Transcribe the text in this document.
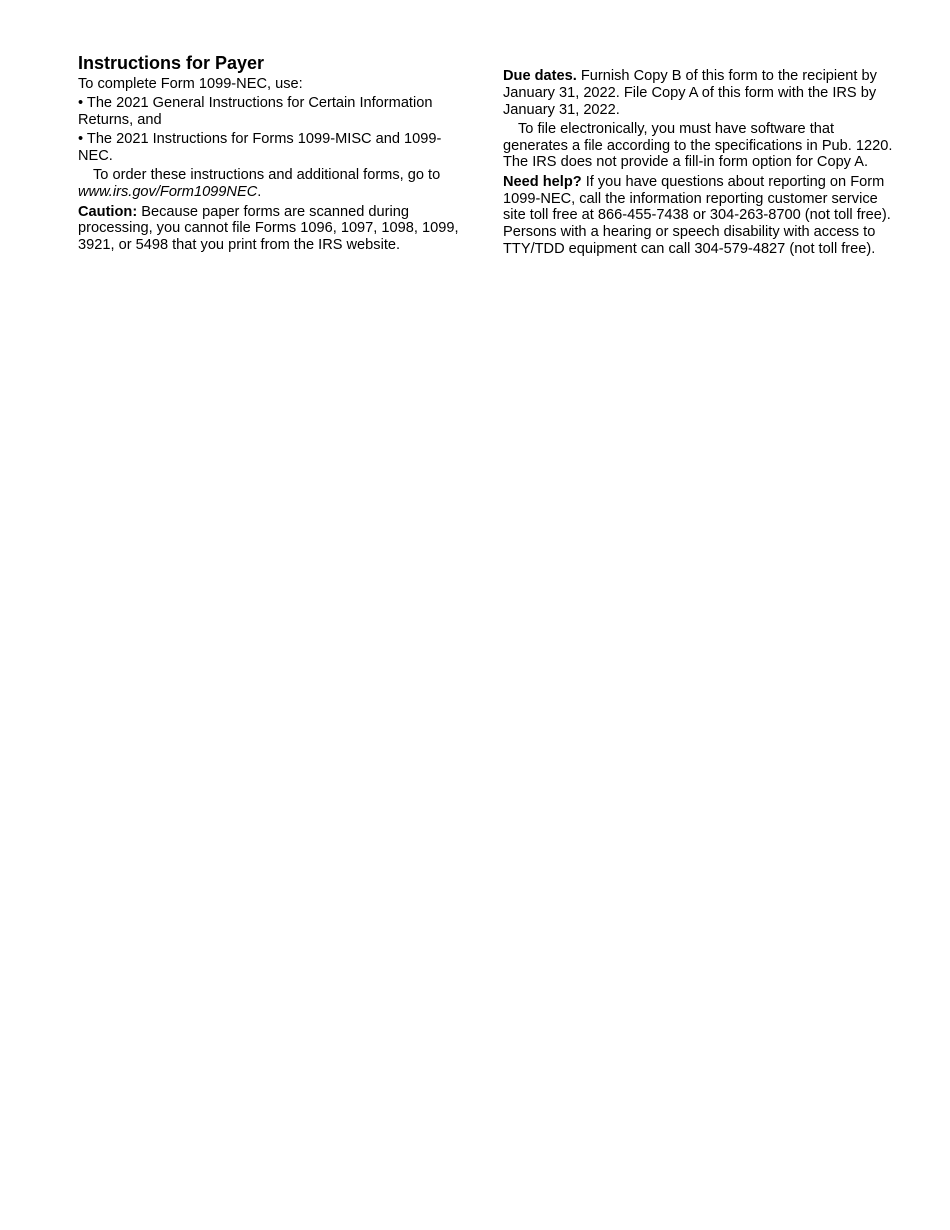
Instructions for Payer

To complete Form 1099-NEC, use:

• The 2021 General Instructions for Certain Information Returns, and

• The 2021 Instructions for Forms 1099-MISC and 1099-NEC.

To order these instructions and additional forms, go to www.irs.gov/Form1099NEC.

Caution: Because paper forms are scanned during processing, you cannot file Forms 1096, 1097, 1098, 1099, 3921, or 5498 that you print from the IRS website.

Due dates. Furnish Copy B of this form to the recipient by January 31, 2022. File Copy A of this form with the IRS by January 31, 2022.

To file electronically, you must have software that generates a file according to the specifications in Pub. 1220. The IRS does not provide a fill-in form option for Copy A.

Need help? If you have questions about reporting on Form 1099-NEC, call the information reporting customer service site toll free at 866-455-7438 or 304-263-8700 (not toll free). Persons with a hearing or speech disability with access to TTY/TDD equipment can call 304-579-4827 (not toll free).
